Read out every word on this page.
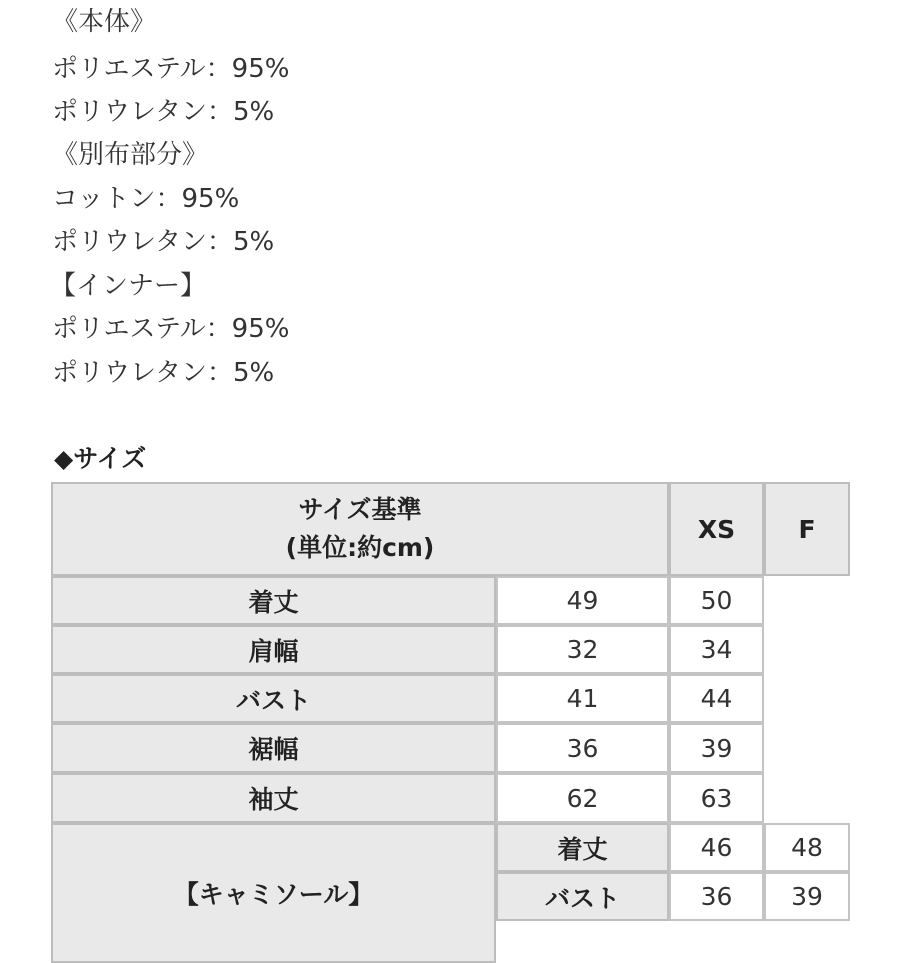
《本体》
ポリエステル：95%
ポリウレタン：5%
《別布部分》
コットン：95%
ポリウレタン：5%
【インナー】
ポリエステル：95%
ポリウレタン：5%
◆サイズ
サイズ基準
(単位:約cm)
XS	F
着丈	49	50
肩幅	32	34
バスト	41	44
裾幅	36	39
袖丈	62	63
【キャミソール】
着丈	46	48
バスト	36	39
